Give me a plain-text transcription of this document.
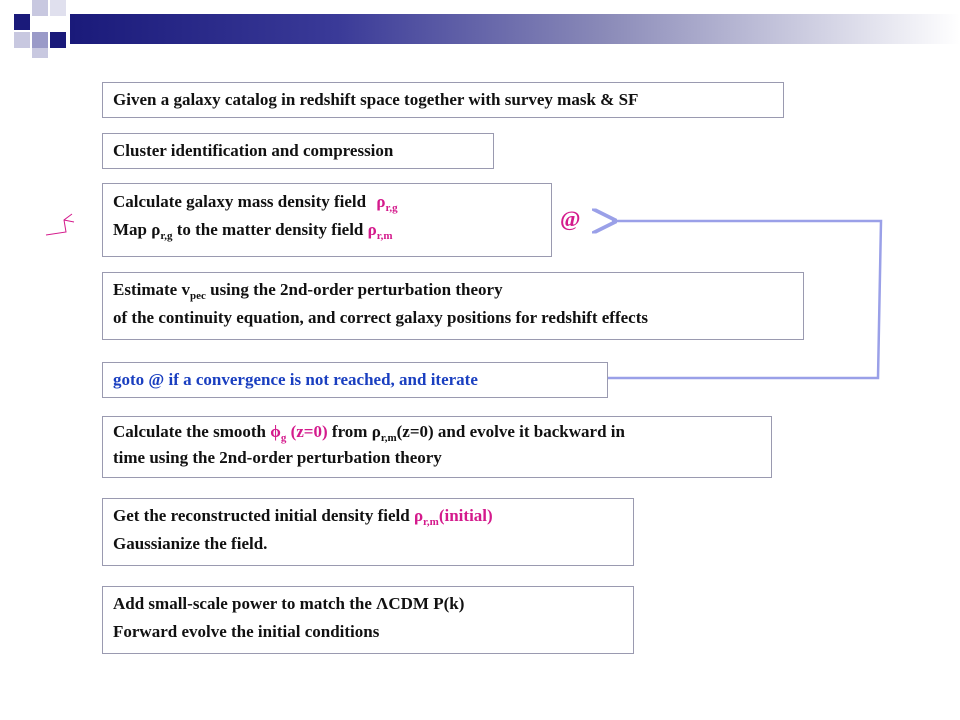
Given a galaxy catalog in redshift space together with survey mask & SF
Cluster identification and compression
Calculate galaxy mass density field $\rho_{r,g}$
Map $\rho_{r,g}$ to the matter density field $\rho_{r,m}$
@
Estimate $v_{pec}$ using the 2nd-order perturbation theory
of the continuity equation, and correct galaxy positions for redshift effects
goto @ if a convergence is not reached, and iterate
Calculate the smooth $\phi_g$ (z=0) from $\rho_{r,m}(z=0)$ and evolve it backward in
time using the 2nd-order perturbation theory
Get the reconstructed initial density field $\rho_{r,m}(initial)$
Gaussianize the field.
Add small-scale power to match the ΛCDM P(k)
Forward evolve the initial conditions
